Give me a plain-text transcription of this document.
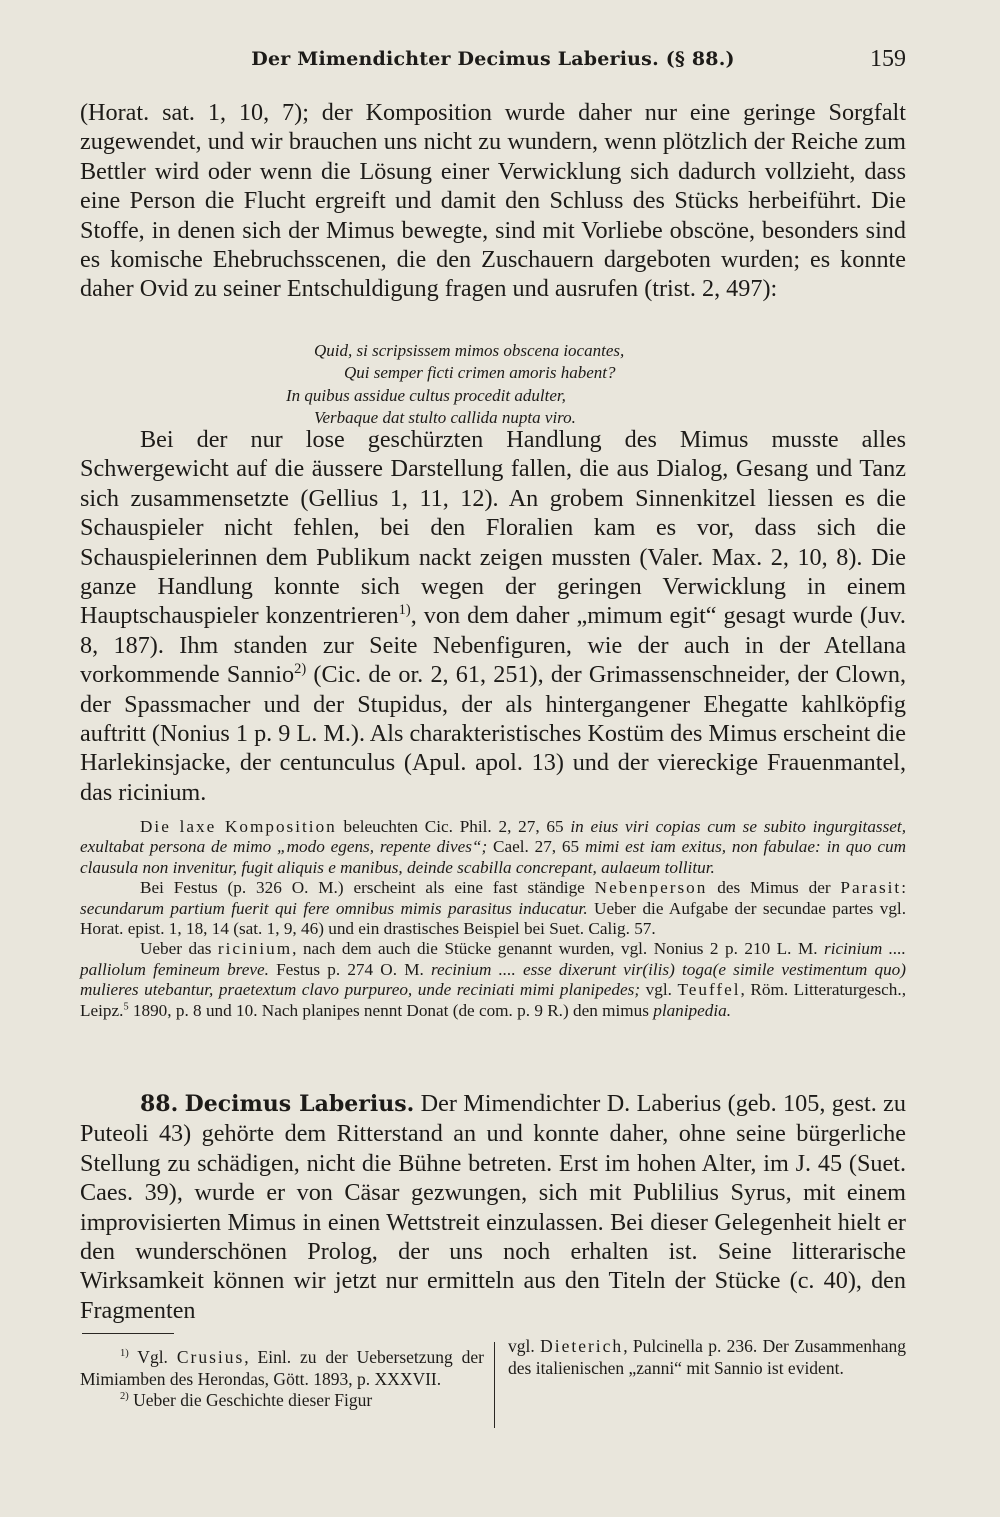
Der Mimendichter Decimus Laberius. (§ 88.)	159

(Horat. sat. 1, 10, 7); der Komposition wurde daher nur eine geringe Sorgfalt zugewendet, und wir brauchen uns nicht zu wundern, wenn plötzlich der Reiche zum Bettler wird oder wenn die Lösung einer Verwicklung sich dadurch vollzieht, dass eine Person die Flucht ergreift und damit den Schluss des Stücks herbeiführt. Die Stoffe, in denen sich der Mimus bewegte, sind mit Vorliebe obscöne, besonders sind es komische Ehebruchsscenen, die den Zuschauern dargeboten wurden; es konnte daher Ovid zu seiner Entschuldigung fragen und ausrufen (trist. 2, 497):

Quid, si scripsissem mimos obscena iocantes,
Qui semper ficti crimen amoris habent?
In quibus assidue cultus procedit adulter,
Verbaque dat stulto callida nupta viro.

Bei der nur lose geschürzten Handlung des Mimus musste alles Schwergewicht auf die äussere Darstellung fallen, die aus Dialog, Gesang und Tanz sich zusammensetzte (Gellius 1, 11, 12). An grobem Sinnenkitzel liessen es die Schauspieler nicht fehlen, bei den Floralien kam es vor, dass sich die Schauspielerinnen dem Publikum nackt zeigen mussten (Valer. Max. 2, 10, 8). Die ganze Handlung konnte sich wegen der geringen Verwicklung in einem Hauptschauspieler konzentrieren$^{1)}$, von dem daher „mimum egit“ gesagt wurde (Juv. 8, 187). Ihm standen zur Seite Nebenfiguren, wie der auch in der Atellana vorkommende Sannio$^{2)}$ (Cic. de or. 2, 61, 251), der Grimassenschneider, der Clown, der Spassmacher und der Stupidus, der als hintergangener Ehegatte kahlköpfig auftritt (Nonius 1 p. 9 L. M.). Als charakteristisches Kostüm des Mimus erscheint die Harlekinsjacke, der centunculus (Apul. apol. 13) und der viereckige Frauenmantel, das ricinium.

Die laxe Komposition beleuchten Cic. Phil. 2, 27, 65 in eius viri copias cum se subito ingurgitasset, exultabat persona de mimo „modo egens, repente dives“; Cael. 27, 65 mimi est iam exitus, non fabulae: in quo cum clausula non invenitur, fugit aliquis e manibus, deinde scabilla concrepant, aulaeum tollitur.

Bei Festus (p. 326 O. M.) erscheint als eine fast ständige Nebenperson des Mimus der Parasit: secundarum partium fuerit qui fere omnibus mimis parasitus inducatur. Ueber die Aufgabe der secundae partes vgl. Horat. epist. 1, 18, 14 (sat. 1, 9, 46) und ein drastisches Beispiel bei Suet. Calig. 57.

Ueber das ricinium, nach dem auch die Stücke genannt wurden, vgl. Nonius 2 p. 210 L. M. ricinium .... palliolum femineum breve. Festus p. 274 O. M. recinium .... esse dixerunt vir(ilis) toga(e simile vestimentum quo) mulieres utebantur, praetextum clavo purpureo, unde reciniati mimi planipedes; vgl. Teuffel, Röm. Litteraturgesch., Leipz.$^5$ 1890, p. 8 und 10. Nach planipes nennt Donat (de com. p. 9 R.) den mimus planipedia.

88. Decimus Laberius. Der Mimendichter D. Laberius (geb. 105, gest. zu Puteoli 43) gehörte dem Ritterstand an und konnte daher, ohne seine bürgerliche Stellung zu schädigen, nicht die Bühne betreten. Erst im hohen Alter, im J. 45 (Suet. Caes. 39), wurde er von Cäsar gezwungen, sich mit Publilius Syrus, mit einem improvisierten Mimus in einen Wettstreit einzulassen. Bei dieser Gelegenheit hielt er den wunderschönen Prolog, der uns noch erhalten ist. Seine litterarische Wirksamkeit können wir jetzt nur ermitteln aus den Titeln der Stücke (c. 40), den Fragmenten

$^{1)}$ Vgl. Crusius, Einl. zu der Uebersetzung der Mimiamben des Herondas, Gött. 1893, p. XXXVII.

$^{2)}$ Ueber die Geschichte dieser Figur

vgl. Dieterich, Pulcinella p. 236. Der Zusammenhang des italienischen „zanni“ mit Sannio ist evident.
